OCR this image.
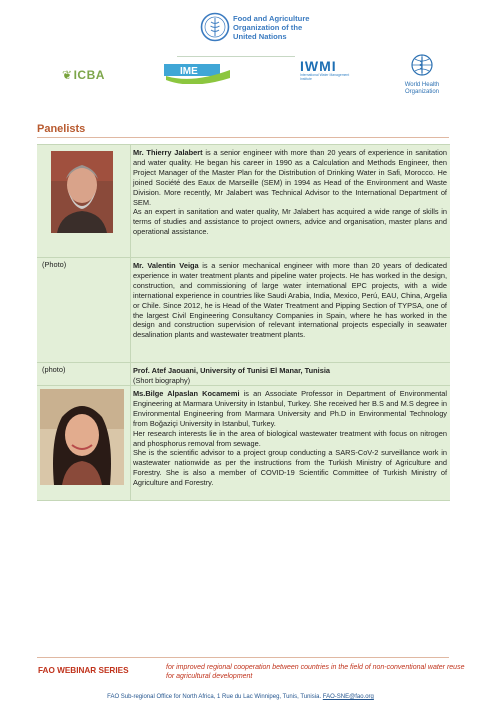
Food and Agriculture
Organization of the
United Nations
❦ICBA	IME	IWMI
International Water Management Institute
World Health
Organization
Panelists

Mr. Thierry Jalabert is a senior engineer with more than 20 years of experience in sanitation and water quality. He began his career in 1990 as a Calculation and Methods Engineer, then Project Manager of the Master Plan for the Distribution of Drinking Water in Safi, Morocco. He joined Société des Eaux de Marseille (SEM) in 1994 as Head of the Environment and Waste Division. More recently, Mr Jalabert was Technical Advisor to the International Department of SEM.

As an expert in sanitation and water quality, Mr Jalabert has acquired a wide range of skills in terms of studies and assistance to project owners, advice and organisation, master plans and operational assistance.

(Photo)	Mr. Valentin Veiga is a senior mechanical engineer with more than 20 years of dedicated experience in water treatment plants and pipeline water projects. He has worked in the design, construction, and commissioning of large water international EPC projects, with a wide international experience in countries like Saudi Arabia, India, Mexico, Perú, EAU, China, Argelia or Chile. Since 2012, he is Head of the Water Treatment and Pipping Section of TYPSA, one of the largest Civil Engineering Consultancy Companies in Spain, where he has worked in the design and construction supervision of relevant international projects especially in seawater desalination plants and wastewater treatment plants.

(photo)	Prof. Atef Jaouani, University of Tunisi El Manar, Tunisia
(Short biography)

Ms.Bilge Alpaslan Kocamemi is an Associate Professor in Department of Environmental Engineering at Marmara University in Istanbul, Turkey. She received her B.S and M.S degree in Environmental Engineering from Marmara University and Ph.D in Environmental Technology from Boğaziçi University in Istanbul, Turkey.

Her research interests lie in the area of biological wastewater treatment with focus on nitrogen and phosphorus removal from sewage.

She is the scientific advisor to a project group conducting a SARS-CoV-2 surveillance work in wastewater nationwide as per the instructions from the Turkish Ministry of Agriculture and Forestry. She is also a member of COVID-19 Scientific Committee of Turkish Ministry of Agriculture and Forestry.

FAO WEBINAR SERIES	for improved regional cooperation between countries in the field of non-conventional water reuse for agricultural development
FAO Sub-regional Office for North Africa, 1 Rue du Lac Winnipeg, Tunis, Tunisia. FAO-SNE@fao.org
